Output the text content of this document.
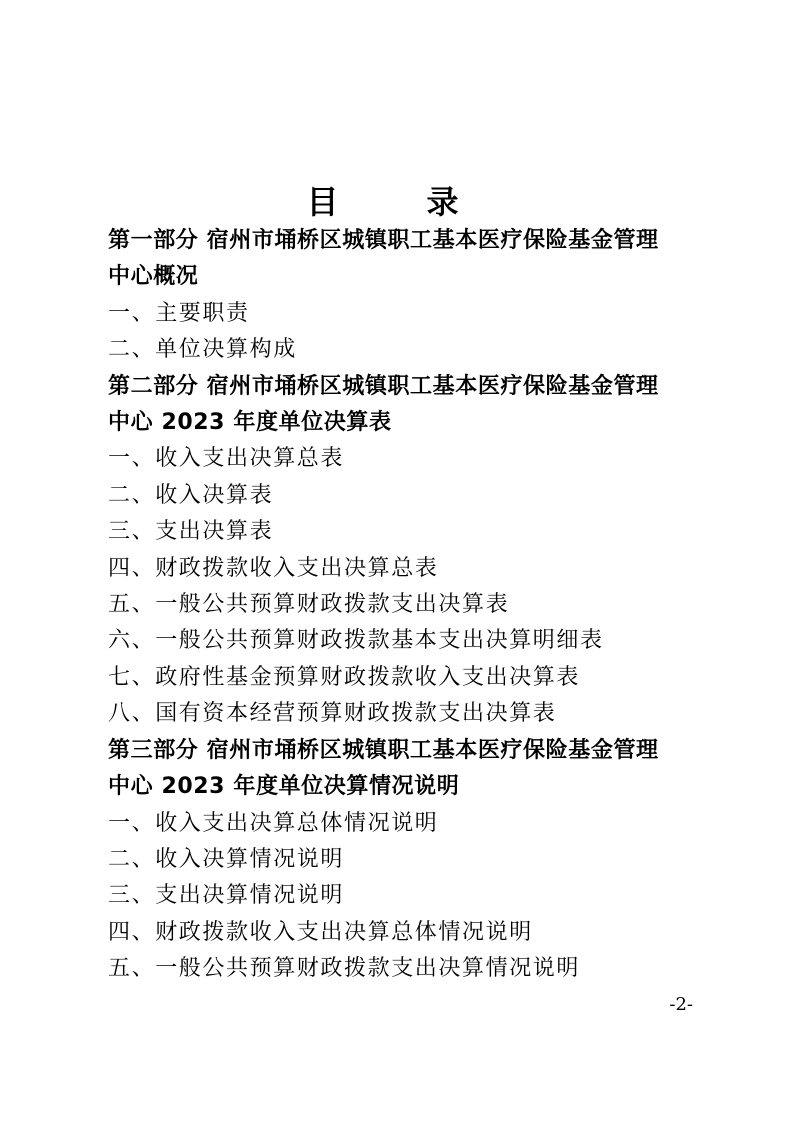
目　录
第一部分 宿州市埇桥区城镇职工基本医疗保险基金管理
中心概况
一、主要职责
二、单位决算构成
第二部分 宿州市埇桥区城镇职工基本医疗保险基金管理
中心 2023 年度单位决算表
一、收入支出决算总表
二、收入决算表
三、支出决算表
四、财政拨款收入支出决算总表
五、一般公共预算财政拨款支出决算表
六、一般公共预算财政拨款基本支出决算明细表
七、政府性基金预算财政拨款收入支出决算表
八、国有资本经营预算财政拨款支出决算表
第三部分 宿州市埇桥区城镇职工基本医疗保险基金管理
中心 2023 年度单位决算情况说明
一、收入支出决算总体情况说明
二、收入决算情况说明
三、支出决算情况说明
四、财政拨款收入支出决算总体情况说明
五、一般公共预算财政拨款支出决算情况说明
-2-
